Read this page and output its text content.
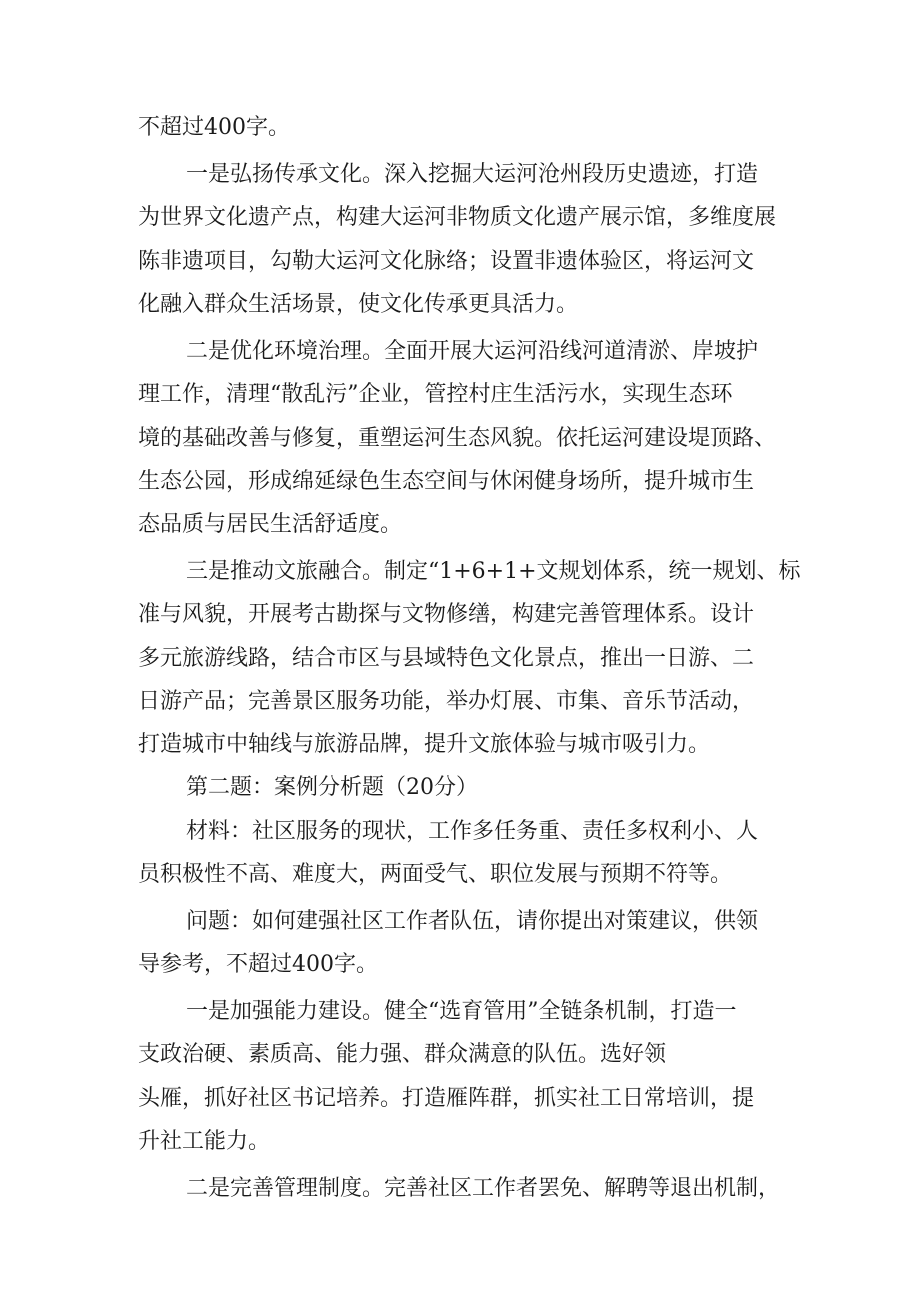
不超过400字。
一是弘扬传承文化。深入挖掘大运河沧州段历史遗迹，打造
为世界文化遗产点，构建大运河非物质文化遗产展示馆，多维度展
陈非遗项目，勾勒大运河文化脉络；设置非遗体验区，将运河文
化融入群众生活场景，使文化传承更具活力。
二是优化环境治理。全面开展大运河沿线河道清淤、岸坡护
理工作，清理“散乱污”企业，管控村庄生活污水，实现生态环
境的基础改善与修复，重塑运河生态风貌。依托运河建设堤顶路、
生态公园，形成绵延绿色生态空间与休闲健身场所，提升城市生
态品质与居民生活舒适度。
三是推动文旅融合。制定“1+6+1+文规划体系，统一规划、标
准与风貌，开展考古勘探与文物修缮，构建完善管理体系。设计
多元旅游线路，结合市区与县域特色文化景点，推出一日游、二
日游产品；完善景区服务功能，举办灯展、市集、音乐节活动，
打造城市中轴线与旅游品牌，提升文旅体验与城市吸引力。
第二题：案例分析题（20分）
材料：社区服务的现状，工作多任务重、责任多权利小、人
员积极性不高、难度大，两面受气、职位发展与预期不符等。
问题：如何建强社区工作者队伍，请你提出对策建议，供领
导参考，不超过400字。
一是加强能力建设。健全“选育管用”全链条机制，打造一
支政治硬、素质高、能力强、群众满意的队伍。选好领
头雁，抓好社区书记培养。打造雁阵群，抓实社工日常培训，提
升社工能力。
二是完善管理制度。完善社区工作者罢免、解聘等退出机制，
